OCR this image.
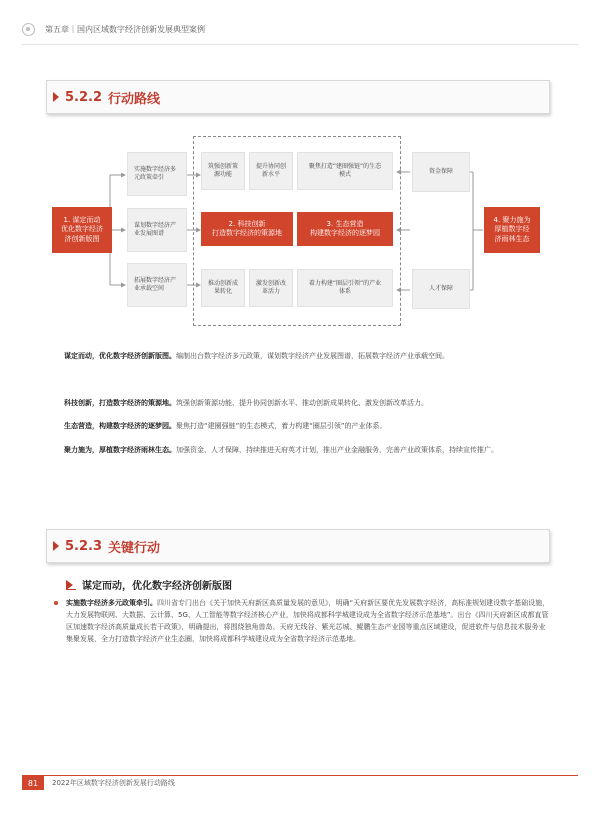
第五章｜国内区域数字经济创新发展典型案例
5.2.2 行动路线
1. 谋定而动
优化数字经济
济创新版图
实施数字经济多
元政策牵引
谋划数字经济产
业发展图谱
拓展数字经济产
业承载空间
筑强创新策
源功能
提升协同创
新水平
聚焦打造“建圈强链”的生态
模式
2. 科技创新
打造数字经济的策源地
3. 生态营造
构建数字经济的逐梦园
推动创新成
果转化
激发创新改
革活力
着力构建“圈层引领”的产业
体系
资金保障
人才保障
4. 聚力施为
厚植数字经
济雨林生态
谋定而动，优化数字经济创新版图。编制出台数字经济多元政策，谋划数字经济产业发展图谱，拓展数字经济产业承载空间。
科技创新，打造数字经济的策源地。筑强创新策源功能、提升协同创新水平、推动创新成果转化、激发创新改革活力。
生态营造，构建数字经济的逐梦园。聚焦打造“建圈强链”的生态模式，着力构建“圈层引领”的产业体系。
聚力施为，厚植数字经济雨林生态。加强资金、人才保障，持续推进天府英才计划，推出产业金融服务，完善产业政策体系，持续宣传推广。
5.2.3 关键行动
谋定而动，优化数字经济创新版图
实施数字经济多元政策牵引。四川省专门出台《关于加快天府新区高质量发展的意见》，明确“天府新区要优先发展数字经济，高标准规划建设数字基础设施，大力发展物联网、大数据、云计算、5G、人工智能等数字经济核心产业，加快将成都科学城建设成为全省数字经济示范基地”。出台《四川天府新区成都直管区加速数字经济高质量成长若干政策》，明确提出，将围绕独角兽岛、天府无线谷、紫光芯城、鲲鹏生态产业园等重点区域建设，促进软件与信息技术服务业集聚发展，全力打造数字经济产业生态圈，加快将成都科学城建设成为全省数字经济示范基地。
81	2022年区域数字经济创新发展行动路线
